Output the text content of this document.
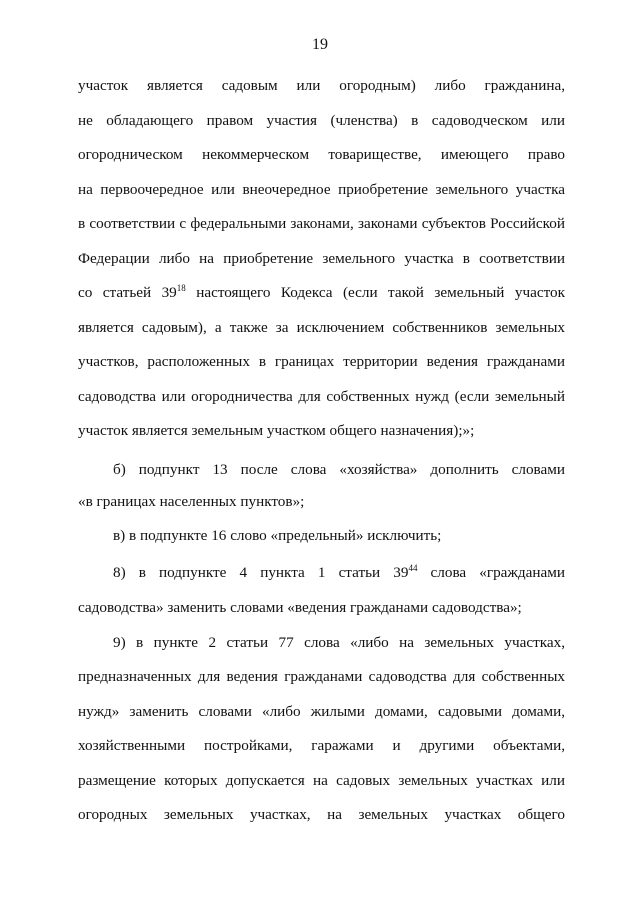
19
участок является садовым или огородным) либо гражданина,
не обладающего правом участия (членства) в садоводческом или
огородническом некоммерческом товариществе, имеющего право
на первоочередное или внеочередное приобретение земельного участка
в соответствии с федеральными законами, законами субъектов Российской
Федерации либо на приобретение земельного участка в соответствии
со статьей $39^{18}$ настоящего Кодекса (если такой земельный участок
является садовым), а также за исключением собственников земельных
участков, расположенных в границах территории ведения гражданами
садоводства или огородничества для собственных нужд (если земельный
участок является земельным участком общего назначения);»;
б) подпункт 13 после слова «хозяйства» дополнить словами
«в границах населенных пунктов»;
в) в подпункте 16 слово «предельный» исключить;
8) в подпункте 4 пункта 1 статьи $39^{44}$ слова «гражданами
садоводства» заменить словами «ведения гражданами садоводства»;
9) в пункте 2 статьи 77 слова «либо на земельных участках,
предназначенных для ведения гражданами садоводства для собственных
нужд» заменить словами «либо жилыми домами, садовыми домами,
хозяйственными постройками, гаражами и другими объектами,
размещение которых допускается на садовых земельных участках или
огородных земельных участках, на земельных участках общего
